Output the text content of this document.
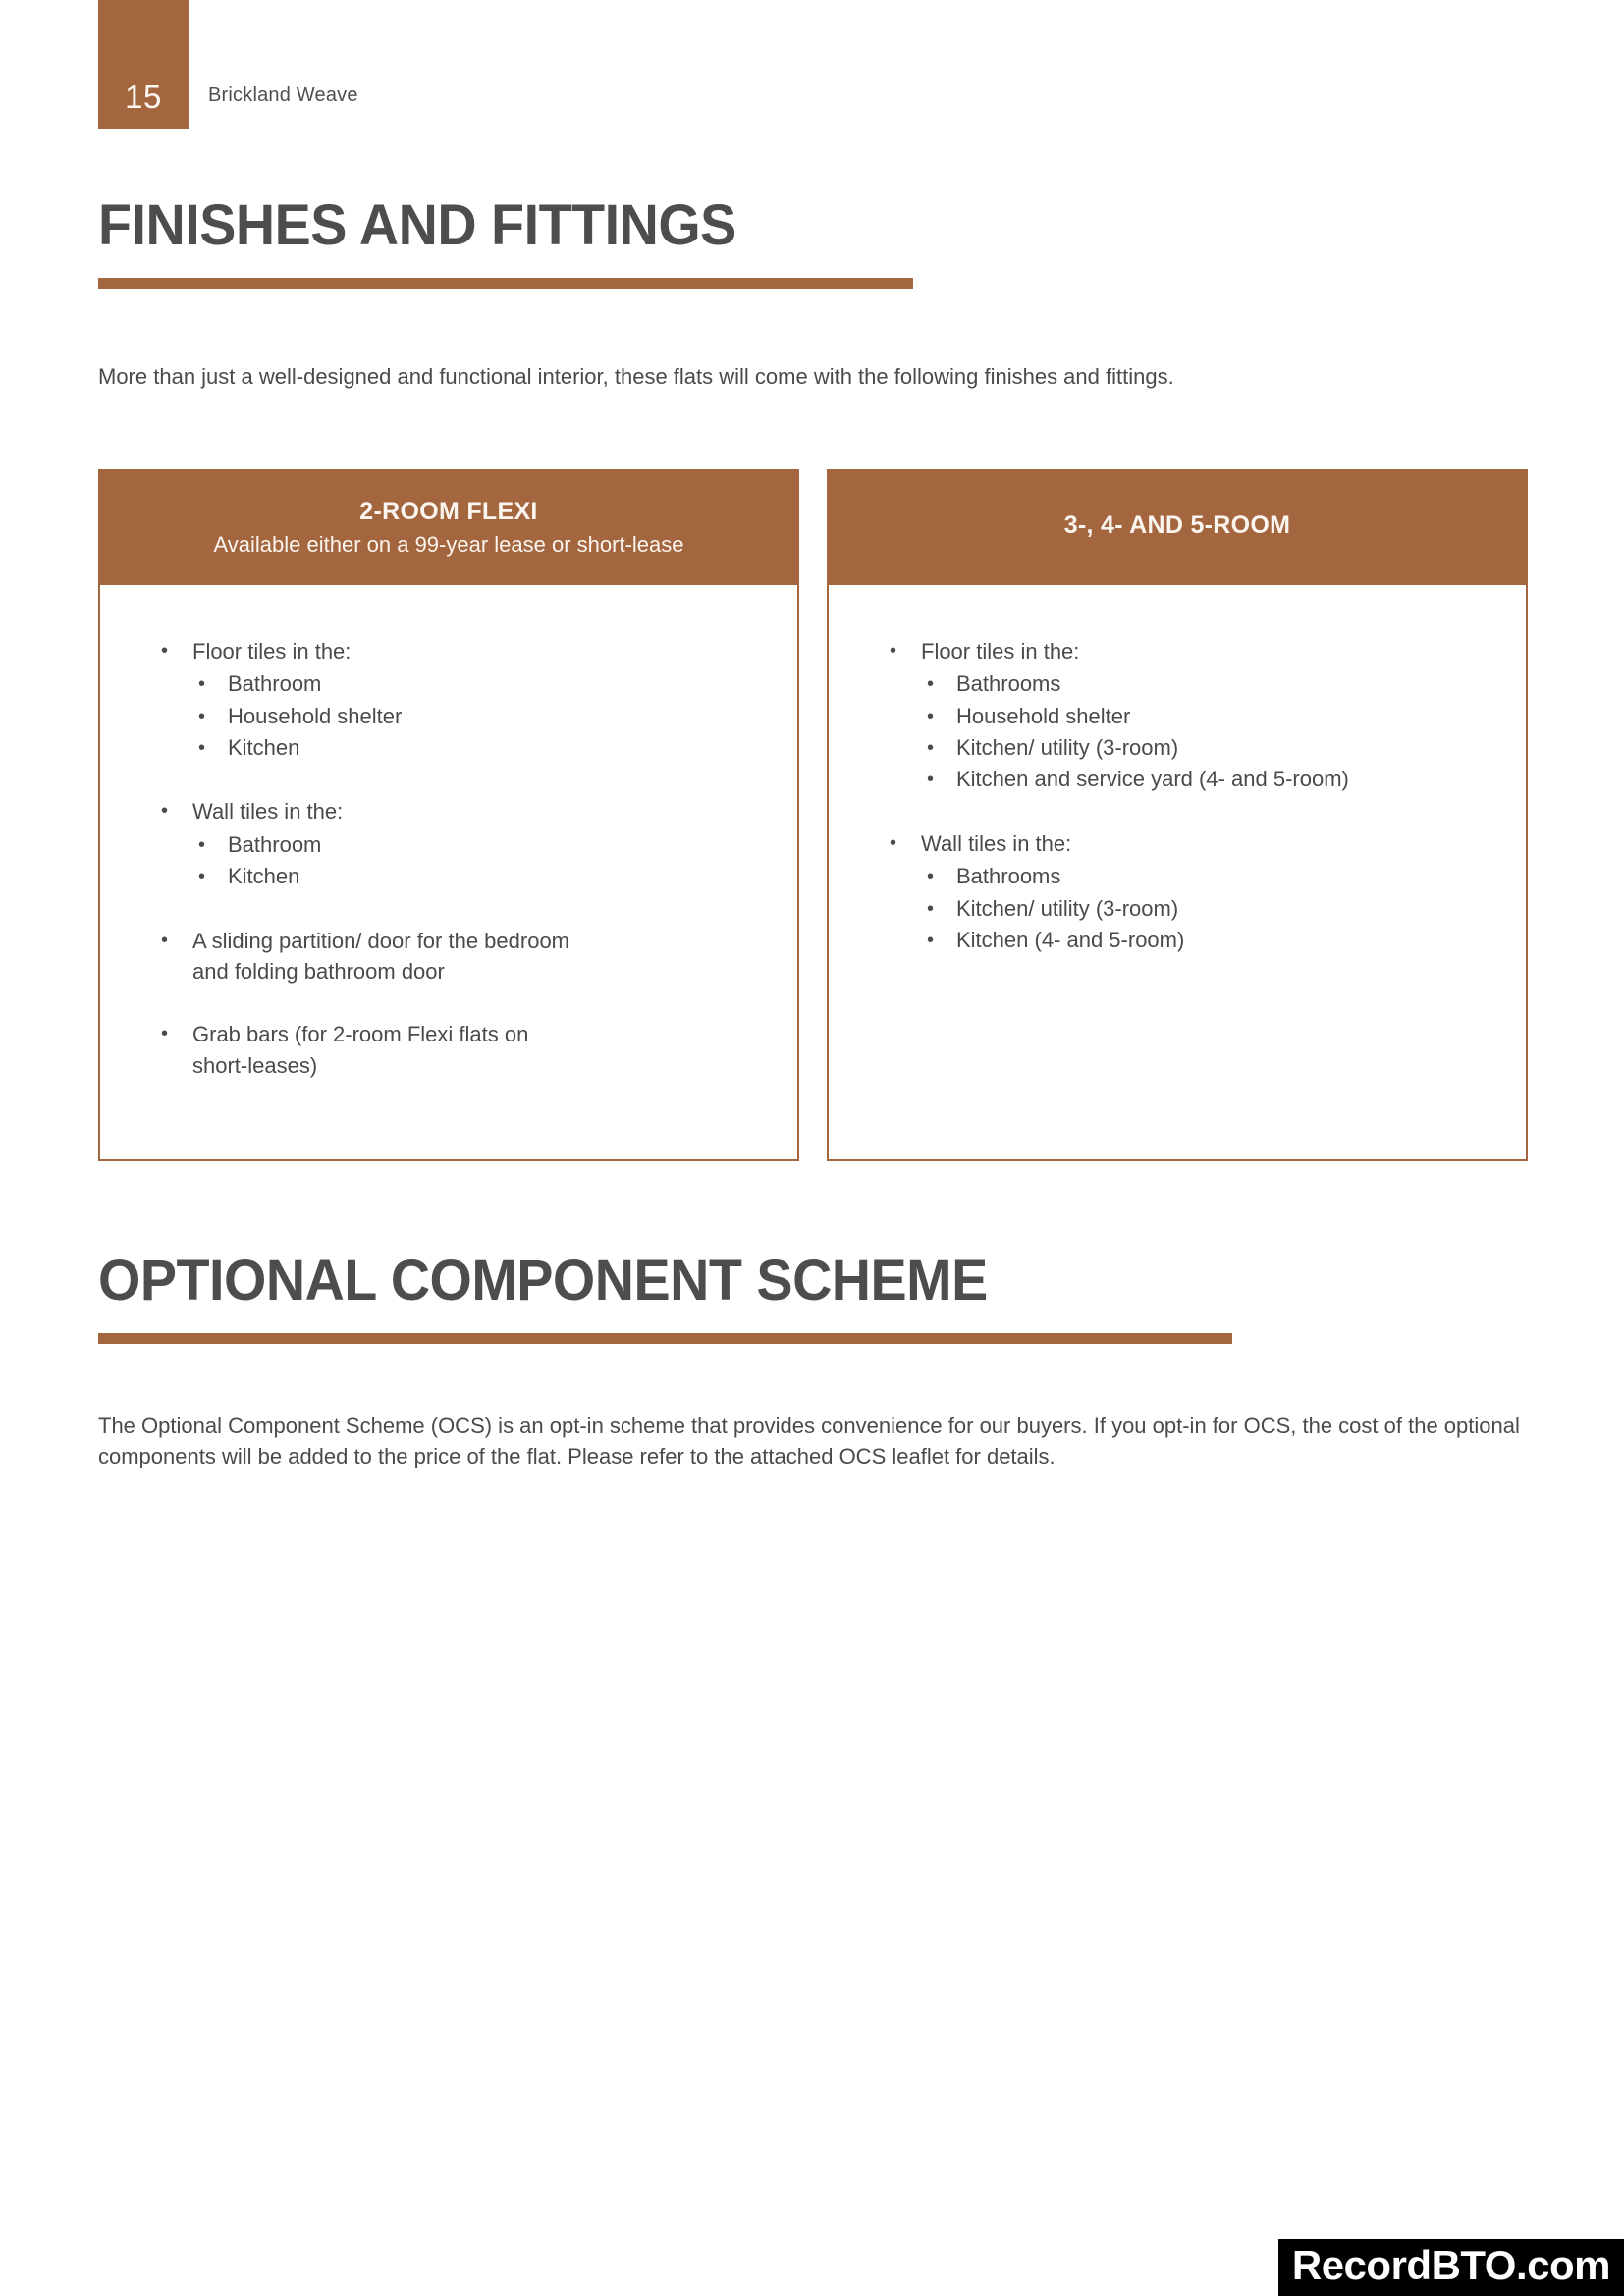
15 Brickland Weave
FINISHES AND FITTINGS
More than just a well-designed and functional interior, these flats will come with the following finishes and fittings.
2-ROOM FLEXI
Available either on a 99-year lease or short-lease
• Floor tiles in the:
• Bathroom
• Household shelter
• Kitchen
• Wall tiles in the:
• Bathroom
• Kitchen
• A sliding partition/ door for the bedroom and folding bathroom door
• Grab bars (for 2-room Flexi flats on short-leases)
3-, 4- AND 5-ROOM
• Floor tiles in the:
• Bathrooms
• Household shelter
• Kitchen/ utility (3-room)
• Kitchen and service yard (4- and 5-room)
• Wall tiles in the:
• Bathrooms
• Kitchen/ utility (3-room)
• Kitchen (4- and 5-room)
OPTIONAL COMPONENT SCHEME
The Optional Component Scheme (OCS) is an opt-in scheme that provides convenience for our buyers. If you opt-in for OCS, the cost of the optional components will be added to the price of the flat. Please refer to the attached OCS leaflet for details.
RecordBTO.com
